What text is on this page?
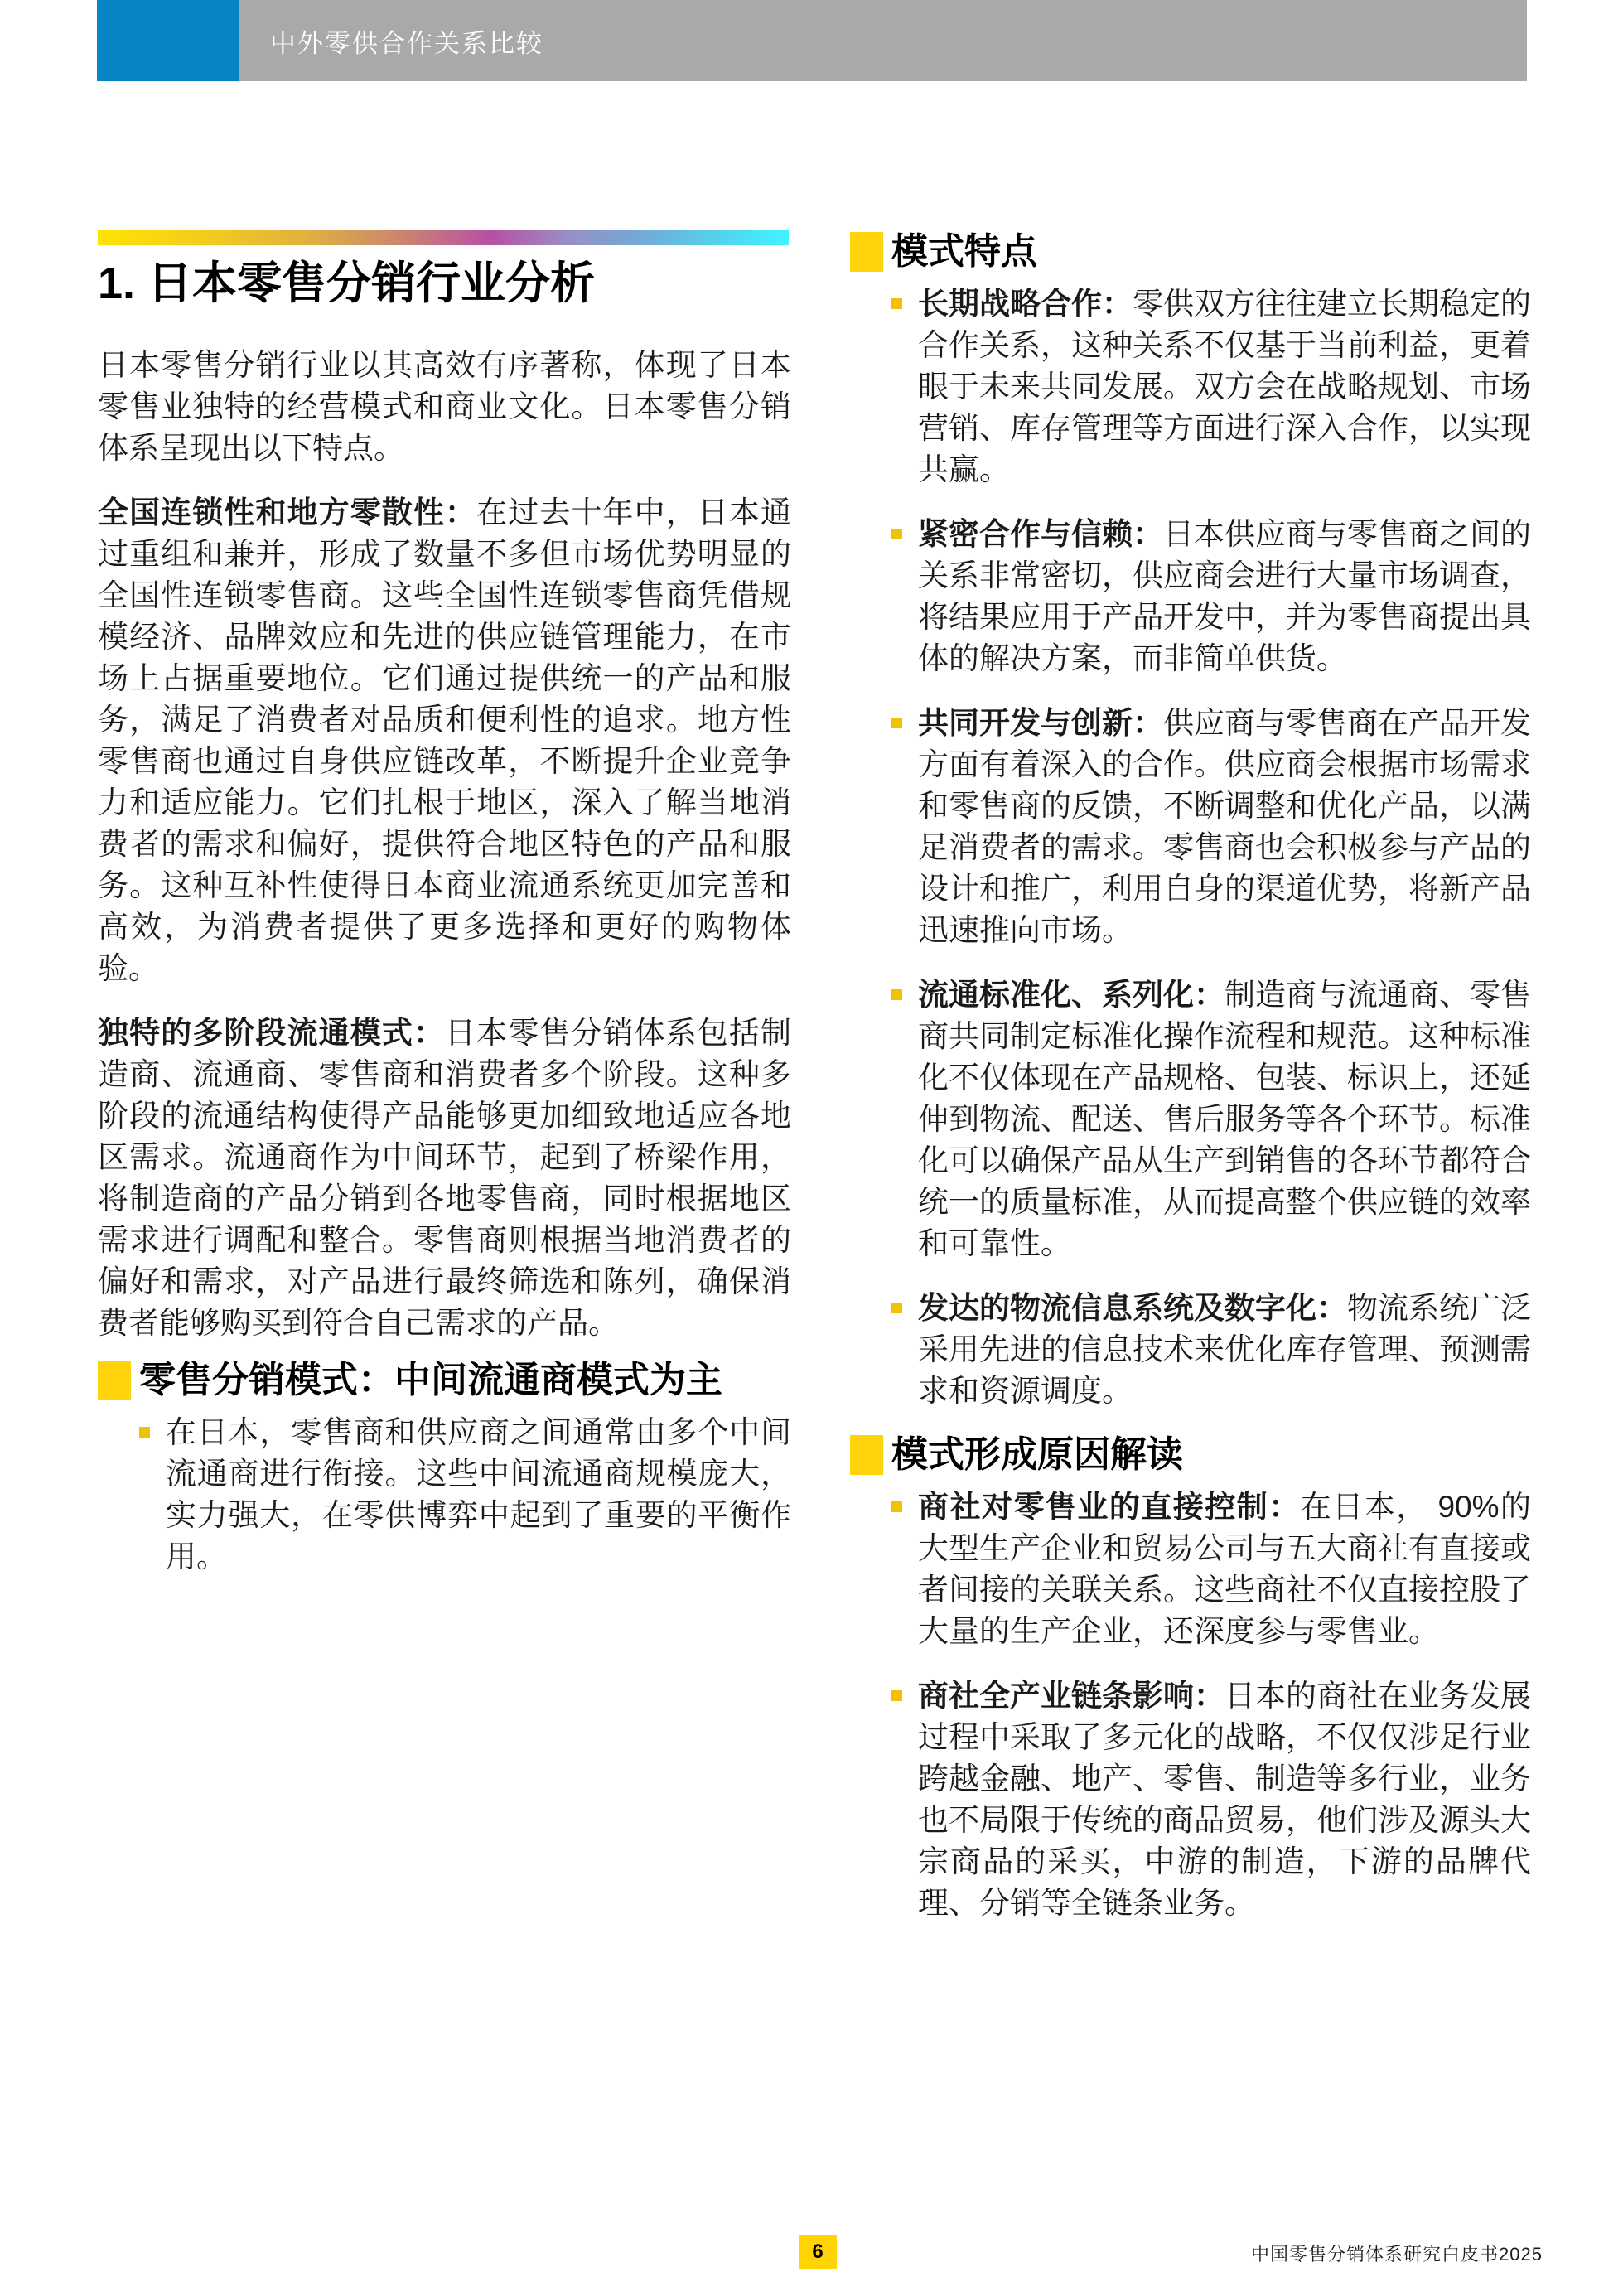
中外零供合作关系比较
1. 日本零售分销行业分析

日本零售分销行业以其高效有序著称，体现了日本零售业独特的经营模式和商业文化。日本零售分销体系呈现出以下特点。

全国连锁性和地方零散性：在过去十年中，日本通过重组和兼并，形成了数量不多但市场优势明显的全国性连锁零售商。这些全国性连锁零售商凭借规模经济、品牌效应和先进的供应链管理能力，在市场上占据重要地位。它们通过提供统一的产品和服务，满足了消费者对品质和便利性的追求。地方性零售商也通过自身供应链改革，不断提升企业竞争力和适应能力。它们扎根于地区，深入了解当地消费者的需求和偏好，提供符合地区特色的产品和服务。这种互补性使得日本商业流通系统更加完善和高效，为消费者提供了更多选择和更好的购物体验。

独特的多阶段流通模式：日本零售分销体系包括制造商、流通商、零售商和消费者多个阶段。这种多阶段的流通结构使得产品能够更加细致地适应各地区需求。流通商作为中间环节，起到了桥梁作用，将制造商的产品分销到各地零售商，同时根据地区需求进行调配和整合。零售商则根据当地消费者的偏好和需求，对产品进行最终筛选和陈列，确保消费者能够购买到符合自己需求的产品。

零售分销模式：中间流通商模式为主

在日本，零售商和供应商之间通常由多个中间流通商进行衔接。这些中间流通商规模庞大，实力强大，在零供博弈中起到了重要的平衡作用。

模式特点

长期战略合作：零供双方往往建立长期稳定的合作关系，这种关系不仅基于当前利益，更着眼于未来共同发展。双方会在战略规划、市场营销、库存管理等方面进行深入合作，以实现共赢。

紧密合作与信赖：日本供应商与零售商之间的关系非常密切，供应商会进行大量市场调查，将结果应用于产品开发中，并为零售商提出具体的解决方案，而非简单供货。

共同开发与创新：供应商与零售商在产品开发方面有着深入的合作。供应商会根据市场需求和零售商的反馈，不断调整和优化产品，以满足消费者的需求。零售商也会积极参与产品的设计和推广，利用自身的渠道优势，将新产品迅速推向市场。

流通标准化、系列化：制造商与流通商、零售商共同制定标准化操作流程和规范。这种标准化不仅体现在产品规格、包装、标识上，还延伸到物流、配送、售后服务等各个环节。标准化可以确保产品从生产到销售的各环节都符合统一的质量标准，从而提高整个供应链的效率和可靠性。

发达的物流信息系统及数字化：物流系统广泛采用先进的信息技术来优化库存管理、预测需求和资源调度。

模式形成原因解读

商社对零售业的直接控制：在日本， 90%的大型生产企业和贸易公司与五大商社有直接或者间接的关联关系。这些商社不仅直接控股了大量的生产企业，还深度参与零售业。

商社全产业链条影响：日本的商社在业务发展过程中采取了多元化的战略，不仅仅涉足行业跨越金融、地产、零售、制造等多行业，业务也不局限于传统的商品贸易，他们涉及源头大宗商品的采买，中游的制造，下游的品牌代理、分销等全链条业务。

6	中国零售分销体系研究白皮书2025
